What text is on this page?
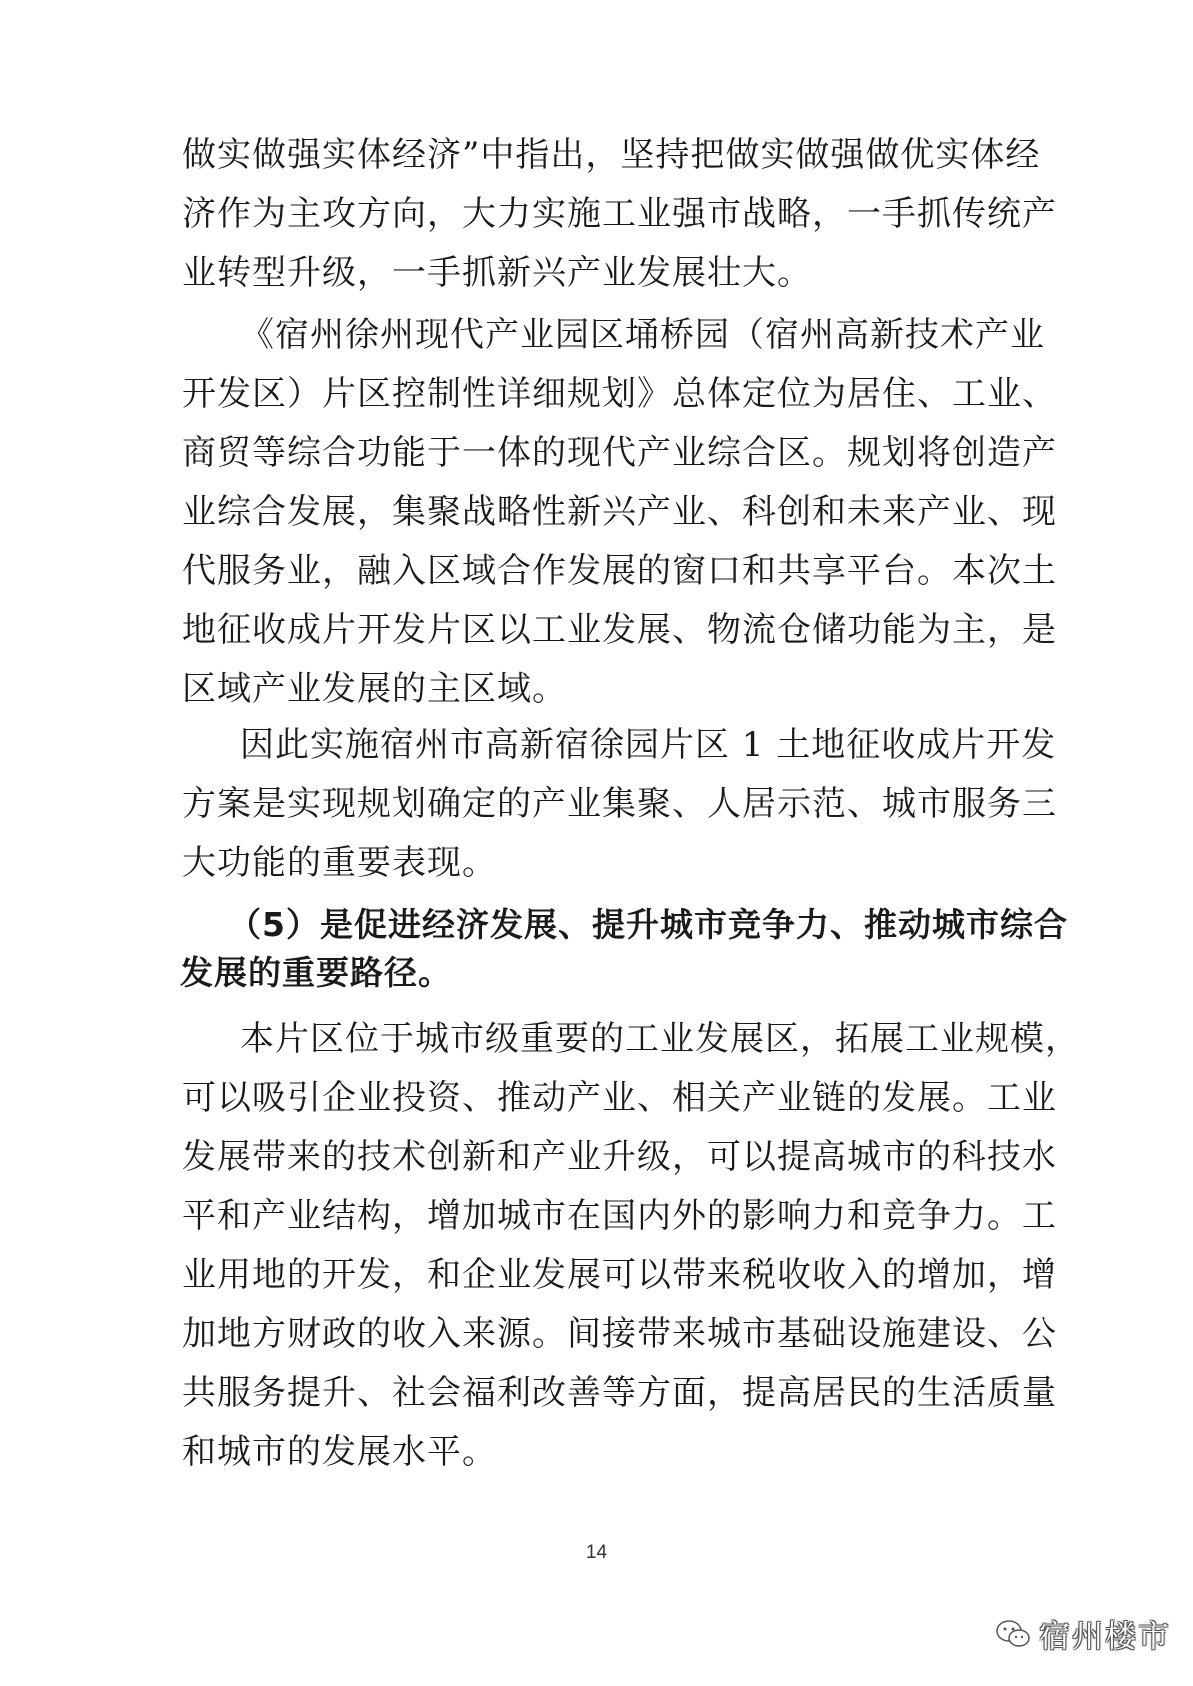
做实做强实体经济”中指出，坚持把做实做强做优实体经
济作为主攻方向，大力实施工业强市战略，一手抓传统产
业转型升级，一手抓新兴产业发展壮大。

《宿州徐州现代产业园区埇桥园（宿州高新技术产业

开发区）片区控制性详细规划》总体定位为居住、工业、
商贸等综合功能于一体的现代产业综合区。规划将创造产
业综合发展，集聚战略性新兴产业、科创和未来产业、现
代服务业，融入区域合作发展的窗口和共享平台。本次土
地征收成片开发片区以工业发展、物流仓储功能为主，是
区域产业发展的主区域。

因此实施宿州市高新宿徐园片区 1 土地征收成片开发

方案是实现规划确定的产业集聚、人居示范、城市服务三
大功能的重要表现。

（5）是促进经济发展、提升城市竞争力、推动城市综合

发展的重要路径。

本片区位于城市级重要的工业发展区，拓展工业规模，

可以吸引企业投资、推动产业、相关产业链的发展。工业
发展带来的技术创新和产业升级，可以提高城市的科技水
平和产业结构，增加城市在国内外的影响力和竞争力。工
业用地的开发，和企业发展可以带来税收收入的增加，增
加地方财政的收入来源。间接带来城市基础设施建设、公
共服务提升、社会福利改善等方面，提高居民的生活质量
和城市的发展水平。

14
宿州楼市
